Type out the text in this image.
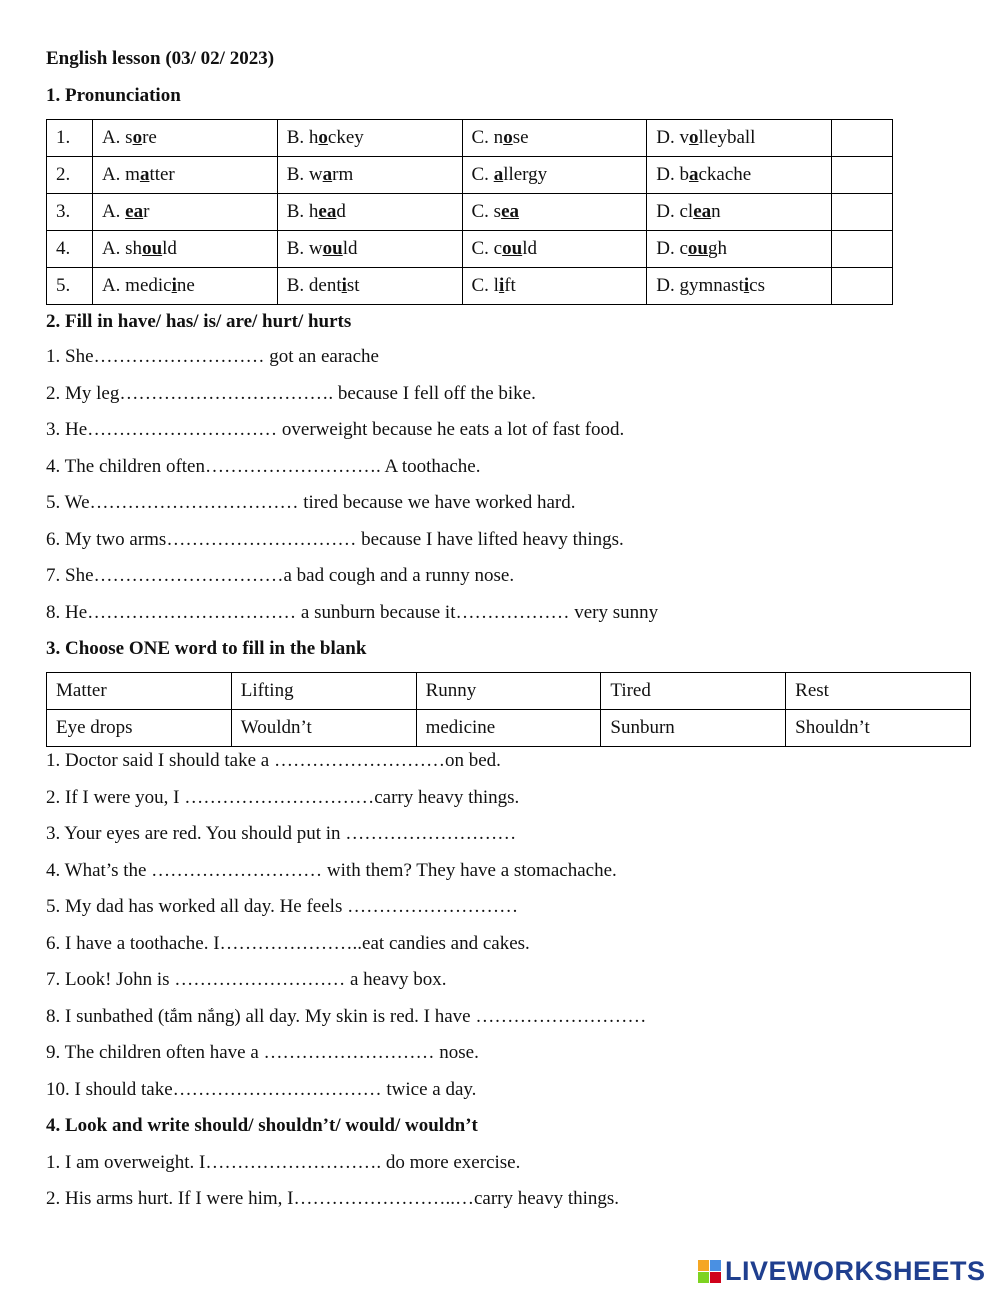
English lesson (03/ 02/ 2023)
1. Pronunciation
1.	A. sore	B. hockey	C. nose	D. volleyball	
2.	A. matter	B. warm	C. allergy	D. backache	
3.	A. ear	B. head	C. sea	D. clean	
4.	A. should	B. would	C. could	D. cough	
5.	A. medicine	B. dentist	C. lift	D. gymnastics	
2. Fill in have/ has/ is/ are/ hurt/ hurts
1. She……………………… got an earache
2. My leg……………………………. because I fell off the bike.
3. He………………………… overweight because he eats a lot of fast food.
4. The children often………………………. A toothache.
5. We…………………………… tired because we have worked hard.
6. My two arms………………………… because I have lifted heavy things.
7. She…………………………a bad cough and a runny nose.
8. He…………………………… a sunburn because it……………… very sunny
3. Choose ONE word to fill in the blank
Matter	Lifting	Runny	Tired	Rest
Eye drops	Wouldn’t	medicine	Sunburn	Shouldn’t
1. Doctor said I should take a ………………………on bed.
2. If I were you, I …………………………carry heavy things.
3. Your eyes are red. You should put in ………………………
4. What’s the ……………………… with them? They have a stomachache.
5. My dad has worked all day. He feels ………………………
6. I have a toothache. I…………………..eat candies and cakes.
7. Look! John is ……………………… a heavy box.
8. I sunbathed (tắm nắng) all day. My skin is red. I have ………………………
9. The children often have a ……………………… nose.
10. I should take…………………………… twice a day.
4. Look and write should/ shouldn’t/ would/ wouldn’t
1. I am overweight. I………………………. do more exercise.
2. His arms hurt. If I were him, I……………………..…carry heavy things.
LIVEWORKSHEETS
